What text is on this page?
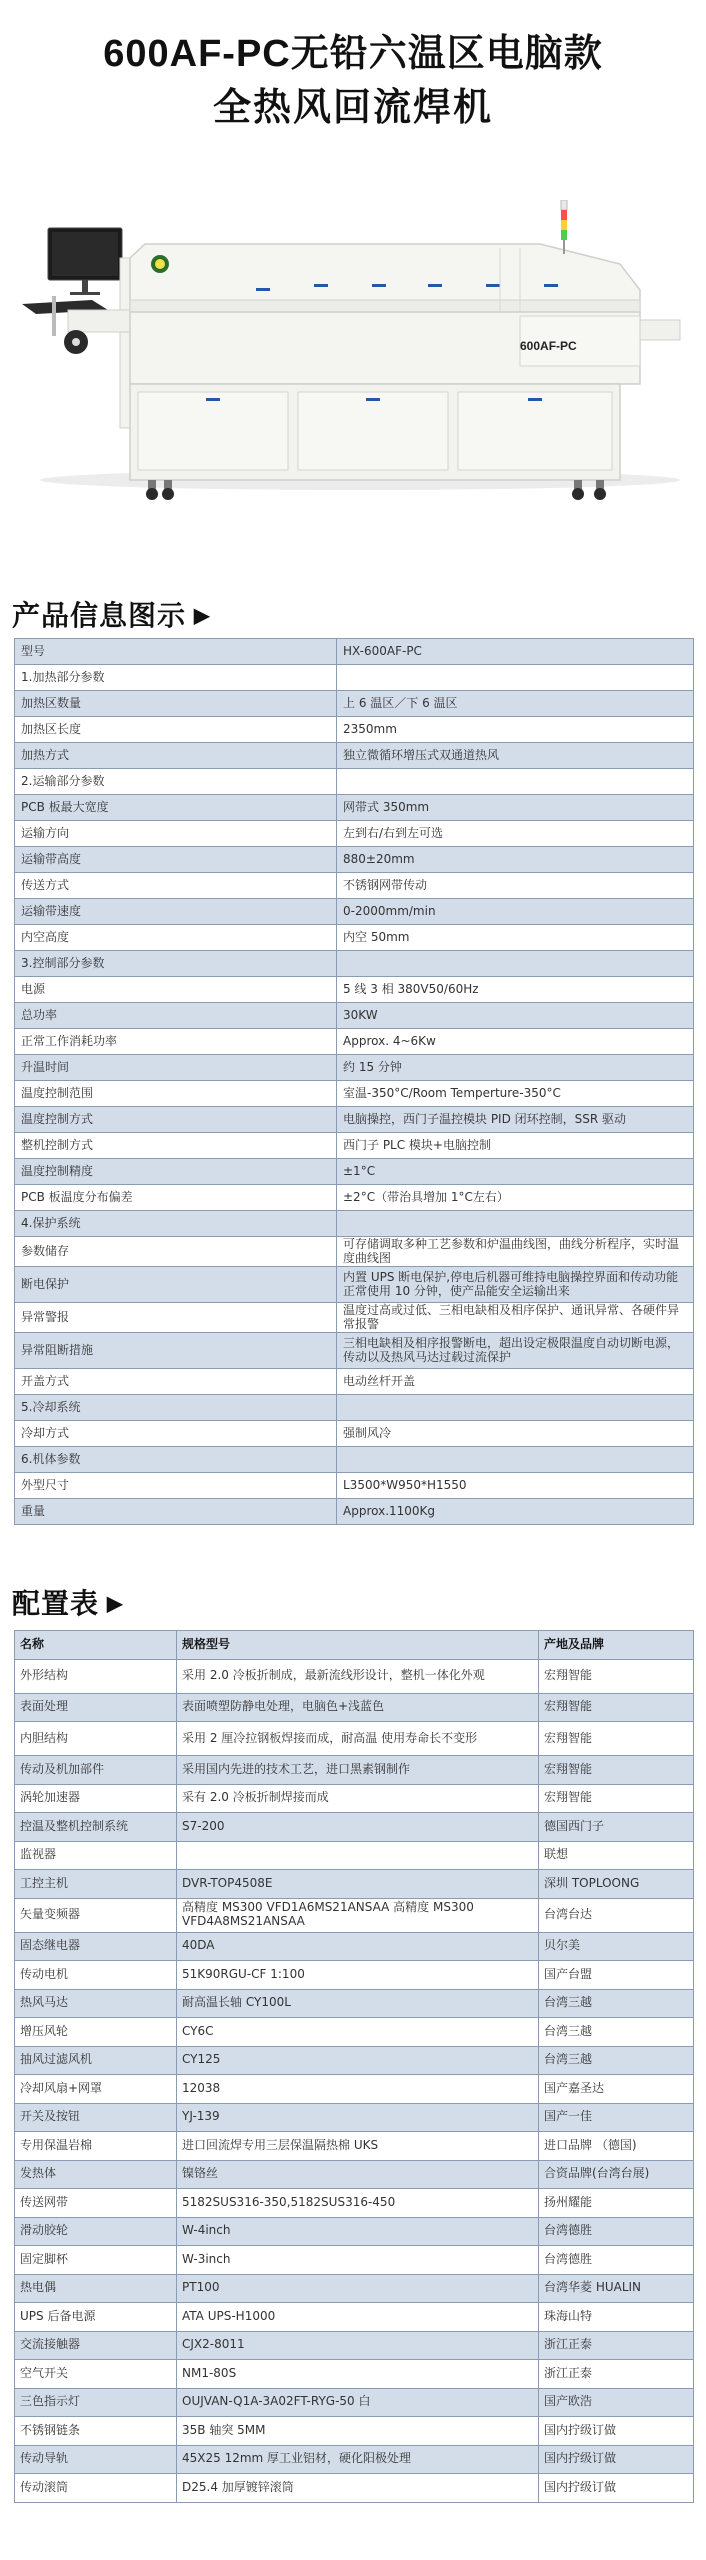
600AF-PC无铅六温区电脑款
全热风回流焊机
600AF-PC
产品信息图示 ▶
型号	HX-600AF-PC
1.加热部分参数	
加热区数量	上 6 温区／下 6 温区
加热区长度	2350mm
加热方式	独立微循环增压式双通道热风
2.运输部分参数	
PCB 板最大宽度	网带式 350mm
运输方向	左到右/右到左可选
运输带高度	880±20mm
传送方式	不锈钢网带传动
运输带速度	0-2000mm/min
内空高度	内空 50mm
3.控制部分参数	
电源	5 线 3 相 380V50/60Hz
总功率	30KW
正常工作消耗功率	Approx. 4~6Kw
升温时间	约 15 分钟
温度控制范围	室温-350°C/Room Temperture-350°C
温度控制方式	电脑操控，西门子温控模块 PID 闭环控制，SSR 驱动
整机控制方式	西门子 PLC 模块+电脑控制
温度控制精度	±1°C
PCB 板温度分布偏差	±2°C（带治具增加 1°C左右）
4.保护系统	
参数储存	可存储调取多种工艺参数和炉温曲线图，曲线分析程序，实时温度曲线图
断电保护	内置 UPS 断电保护,停电后机器可维持电脑操控界面和传动功能正常使用 10 分钟，使产品能安全运输出来
异常警报	温度过高或过低、三相电缺相及相序保护、通讯异常、各硬件异常报警
异常阻断措施	三相电缺相及相序报警断电，超出设定极限温度自动切断电源，传动以及热风马达过载过流保护
开盖方式	电动丝杆开盖
5.冷却系统	
冷却方式	强制风冷
6.机体参数	
外型尺寸	L3500*W950*H1550
重量	Approx.1100Kg
配置表 ▶
名称	规格型号	产地及品牌
外形结构	采用 2.0 冷板折制成，最新流线形设计，整机一体化外观	宏翔智能
表面处理	表面喷塑防静电处理，电脑色+浅蓝色	宏翔智能
内胆结构	采用 2 厘冷拉钢板焊接而成，耐高温 使用寿命长不变形	宏翔智能
传动及机加部件	采用国内先进的技术工艺，进口黑素钢制作	宏翔智能
涡轮加速器	采有 2.0 冷板折制焊接而成	宏翔智能
控温及整机控制系统	S7-200	德国西门子
监视器		联想
工控主机	DVR-TOP4508E	深圳 TOPLOONG
矢量变频器	高精度 MS300 VFD1A6MS21ANSAA 高精度 MS300 VFD4A8MS21ANSAA	台湾台达
固态继电器	40DA	贝尔美
传动电机	51K90RGU-CF 1:100	国产台盟
热风马达	耐高温长轴 CY100L	台湾三越
增压风轮	CY6C	台湾三越
抽风过滤风机	CY125	台湾三越
冷却风扇+网罩	12038	国产嘉圣达
开关及按钮	YJ-139	国产一佳
专用保温岩棉	进口回流焊专用三层保温隔热棉 UKS	进口品牌 （德国)
发热体	镍铬丝	合资品牌(台湾台展)
传送网带	5182SUS316-350,5182SUS316-450	扬州耀能
滑动胶轮	W-4inch	台湾德胜
固定脚杯	W-3inch	台湾德胜
热电偶	PT100	台湾华菱 HUALIN
UPS 后备电源	ATA UPS-H1000	珠海山特
交流接触器	CJX2-8011	浙江正泰
空气开关	NM1-80S	浙江正泰
三色指示灯	OUJVAN-Q1A-3A02FT-RYG-50 白	国产欧浩
不锈钢链条	35B 轴突 5MM	国内拧级订做
传动导轨	45X25 12mm 厚工业铝材，硬化阳极处理	国内拧级订做
传动滚筒	D25.4 加厚镀锌滚筒	国内拧级订做
